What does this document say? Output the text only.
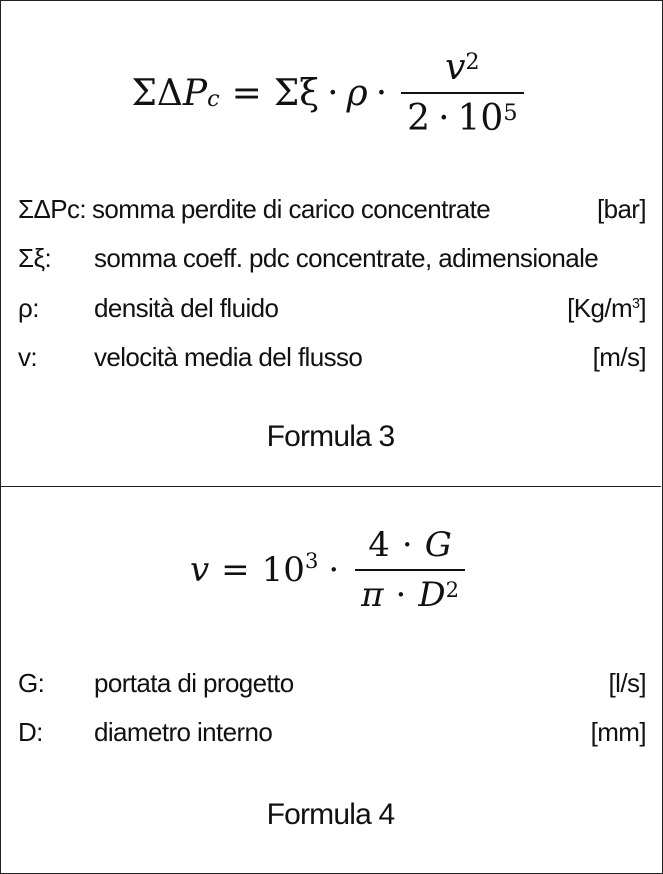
ΣΔ $P_c = \Sigma\xi \cdot \rho \cdot \frac{v^2}{2 \cdot 10^5}$
ΣΔPc: somma perdite di carico concentrate	[bar]
Σξ: somma coeff. pdc concentrate, adimensionale
ρ: densità del fluido	$[Kg/m^3]$
v: velocità media del flusso	[m/s]
Formula 3
$v = 10^3 \cdot \frac{4 \cdot G}{\pi \cdot D^2}$
G: portata di progetto	[l/s]
D: diametro interno	[mm]
Formula 4
